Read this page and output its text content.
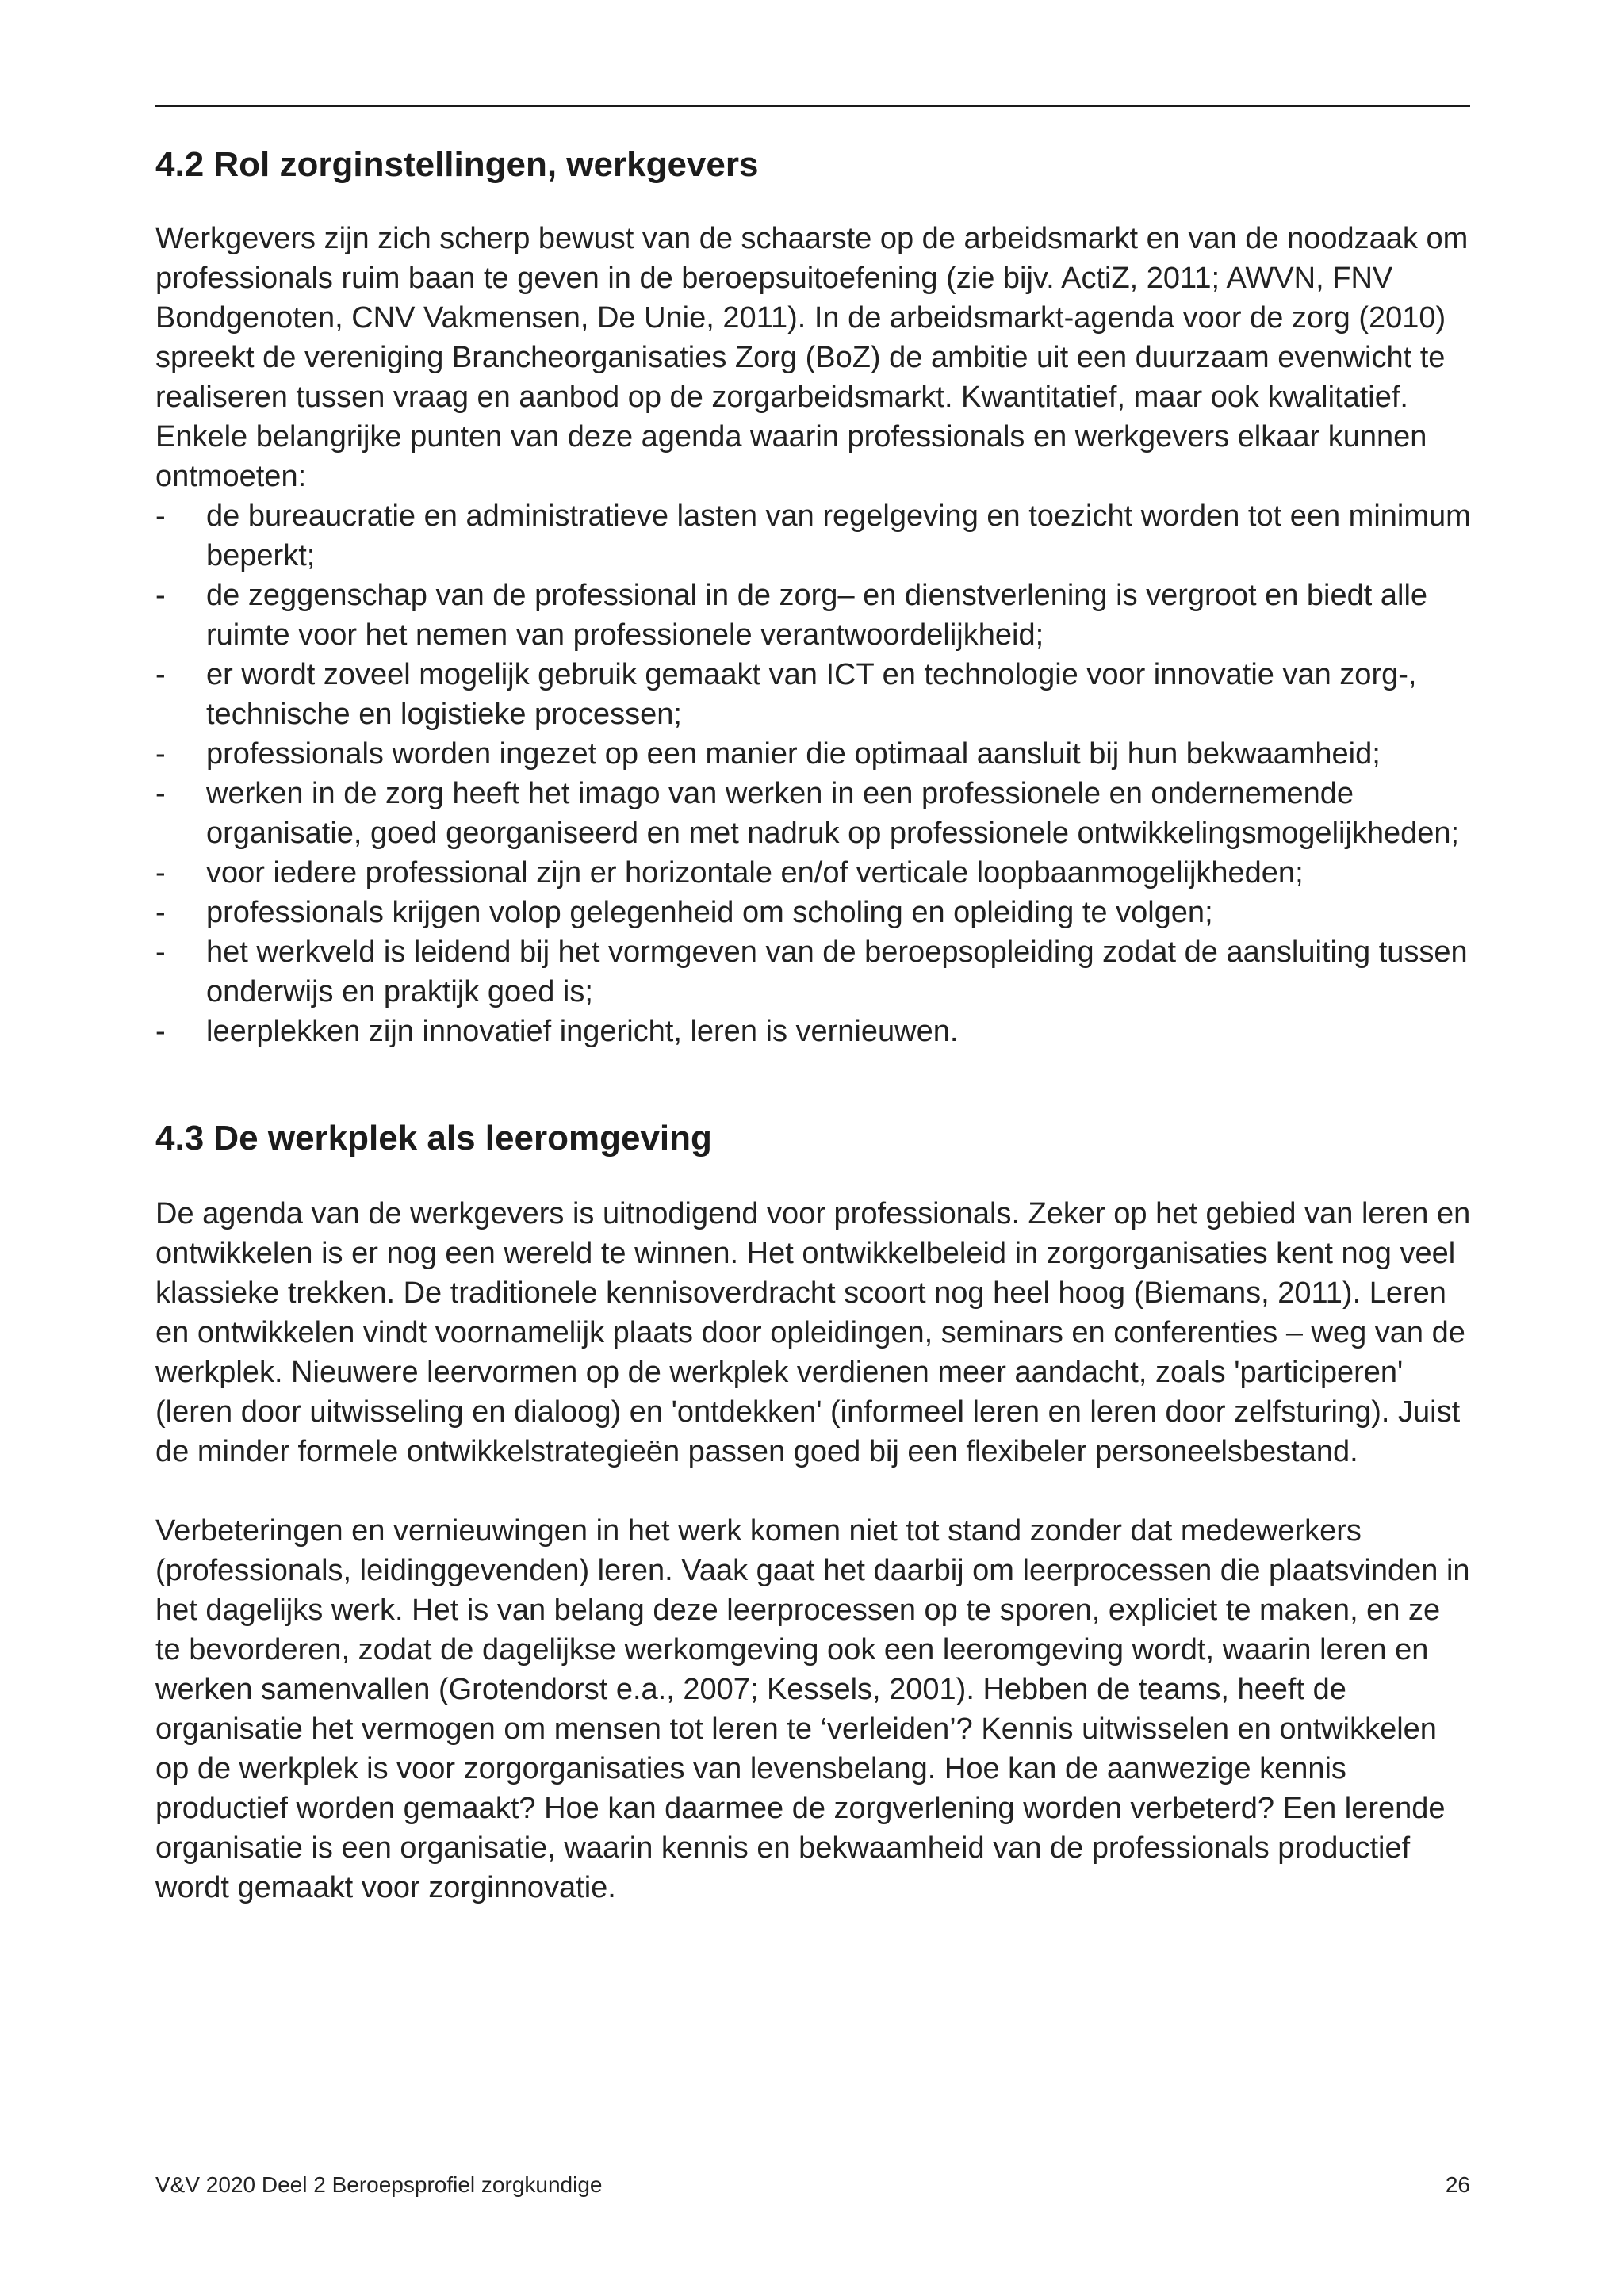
4.2 Rol zorginstellingen, werkgevers

Werkgevers zijn zich scherp bewust van de schaarste op de arbeidsmarkt en van de noodzaak om professionals ruim baan te geven in de beroepsuitoefening (zie bijv. ActiZ, 2011; AWVN, FNV Bondgenoten, CNV Vakmensen, De Unie, 2011). In de arbeidsmarkt-agenda voor de zorg (2010) spreekt de vereniging Brancheorganisaties Zorg (BoZ) de ambitie uit een duurzaam evenwicht te realiseren tussen vraag en aanbod op de zorgarbeidsmarkt. Kwantitatief, maar ook kwalitatief. Enkele belangrijke punten van deze agenda waarin professionals en werkgevers elkaar kunnen ontmoeten:

-	de bureaucratie en administratieve lasten van regelgeving en toezicht worden tot een minimum beperkt;
-	de zeggenschap van de professional in de zorg– en dienstverlening is vergroot en biedt alle ruimte voor het nemen van professionele verantwoordelijkheid;
-	er wordt zoveel mogelijk gebruik gemaakt van ICT en technologie voor innovatie van zorg-, technische en logistieke processen;
-	professionals worden ingezet op een manier die optimaal aansluit bij hun bekwaamheid;
-	werken in de zorg heeft het imago van werken in een professionele en ondernemende organisatie, goed georganiseerd en met nadruk op professionele ontwikkelingsmogelijkheden;
-	voor iedere professional zijn er horizontale en/of verticale loopbaanmogelijkheden;
-	professionals krijgen volop gelegenheid om scholing en opleiding te volgen;
-	het werkveld is leidend bij het vormgeven van de beroepsopleiding zodat de aansluiting tussen onderwijs en praktijk goed is;
-	leerplekken zijn innovatief ingericht, leren is vernieuwen.
4.3 De werkplek als leeromgeving

De agenda van de werkgevers is uitnodigend voor professionals. Zeker op het gebied van leren en ontwikkelen is er nog een wereld te winnen. Het ontwikkelbeleid in zorgorganisaties kent nog veel klassieke trekken. De traditionele kennisoverdracht scoort nog heel hoog (Biemans, 2011). Leren en ontwikkelen vindt voornamelijk plaats door opleidingen, seminars en conferenties – weg van de werkplek. Nieuwere leervormen op de werkplek verdienen meer aandacht, zoals 'participeren' (leren door uitwisseling en dialoog) en 'ontdekken' (informeel leren en leren door zelfsturing). Juist de minder formele ontwikkelstrategieën passen goed bij een flexibeler personeelsbestand.

Verbeteringen en vernieuwingen in het werk komen niet tot stand zonder dat medewerkers (professionals, leidinggevenden) leren. Vaak gaat het daarbij om leerprocessen die plaatsvinden in het dagelijks werk. Het is van belang deze leerprocessen op te sporen, expliciet te maken, en ze te bevorderen, zodat de dagelijkse werkomgeving ook een leeromgeving wordt, waarin leren en werken samenvallen (Grotendorst e.a., 2007; Kessels, 2001). Hebben de teams, heeft de organisatie het vermogen om mensen tot leren te ‘verleiden’? Kennis uitwisselen en ontwikkelen op de werkplek is voor zorgorganisaties van levensbelang. Hoe kan de aanwezige kennis productief worden gemaakt? Hoe kan daarmee de zorgverlening worden verbeterd? Een lerende organisatie is een organisatie, waarin kennis en bekwaamheid van de professionals productief wordt gemaakt voor zorginnovatie.

V&V 2020 Deel 2 Beroepsprofiel zorgkundige	26
